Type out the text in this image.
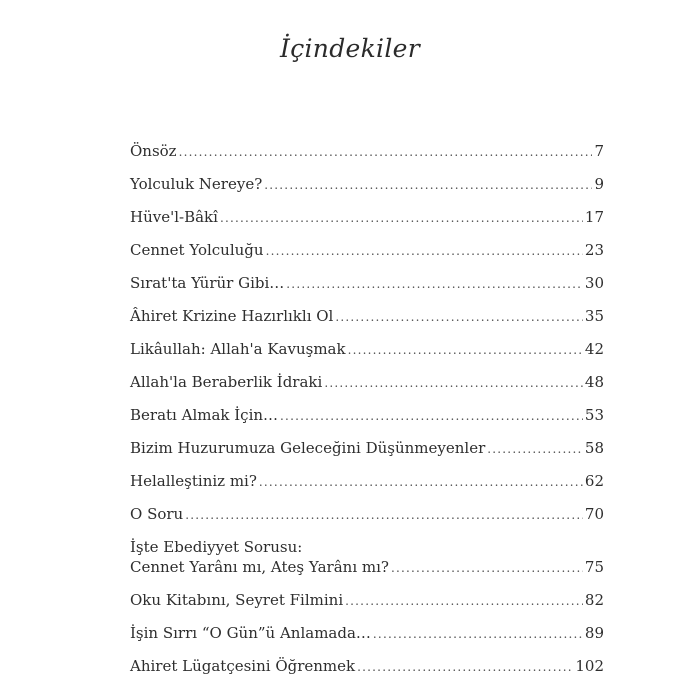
İçindekiler
Önsöz .....	7
Yolculuk Nereye? .....	9
Hüve'l-Bâkî .....	17
Cennet Yolculuğu .....	23
Sırat'ta Yürür Gibi… .....	30
Âhiret Krizine Hazırlıklı Ol .....	35
Likâullah: Allah'a Kavuşmak .....	42
Allah'la Beraberlik İdraki .....	48
Beratı Almak İçin… .....	53
Bizim Huzurumuza Geleceğini Düşünmeyenler .....	58
Helalleştiniz mi? .....	62
O Soru .....	70
İşte Ebediyyet Sorusu:
Cennet Yarânı mı, Ateş Yarânı mı? .....	75
Oku Kitabını, Seyret Filmini .....	82
İşin Sırrı “O Gün”ü Anlamada… .....	89
Ahiret Lügatçesini Öğrenmek .....	102
